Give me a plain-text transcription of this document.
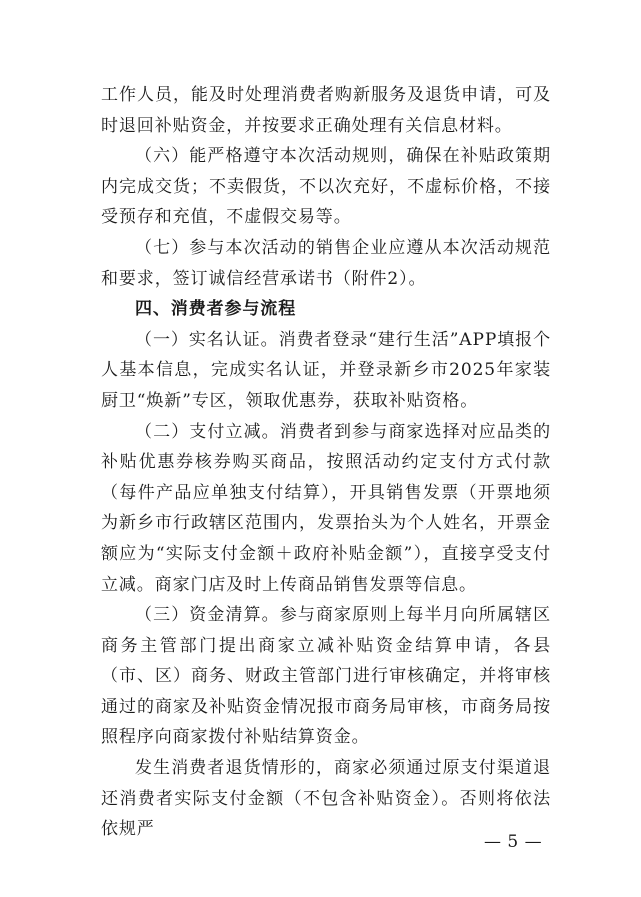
工作人员，能及时处理消费者购新服务及退货申请，可及时退回补贴资金，并按要求正确处理有关信息材料。

（六）能严格遵守本次活动规则，确保在补贴政策期内完成交货；不卖假货，不以次充好，不虚标价格，不接受预存和充值，不虚假交易等。

（七）参与本次活动的销售企业应遵从本次活动规范和要求，签订诚信经营承诺书（附件2）。

四、消费者参与流程

（一）实名认证。消费者登录“建行生活”APP填报个人基本信息，完成实名认证，并登录新乡市2025年家装厨卫“焕新”专区，领取优惠券，获取补贴资格。

（二）支付立减。消费者到参与商家选择对应品类的补贴优惠券核券购买商品，按照活动约定支付方式付款（每件产品应单独支付结算），开具销售发票（开票地须为新乡市行政辖区范围内，发票抬头为个人姓名，开票金额应为“实际支付金额＋政府补贴金额”），直接享受支付立减。商家门店及时上传商品销售发票等信息。

（三）资金清算。参与商家原则上每半月向所属辖区商务主管部门提出商家立减补贴资金结算申请，各县（市、区）商务、财政主管部门进行审核确定，并将审核通过的商家及补贴资金情况报市商务局审核，市商务局按照程序向商家拨付补贴结算资金。

发生消费者退货情形的，商家必须通过原支付渠道退还消费者实际支付金额（不包含补贴资金）。否则将依法依规严

— 5 —
